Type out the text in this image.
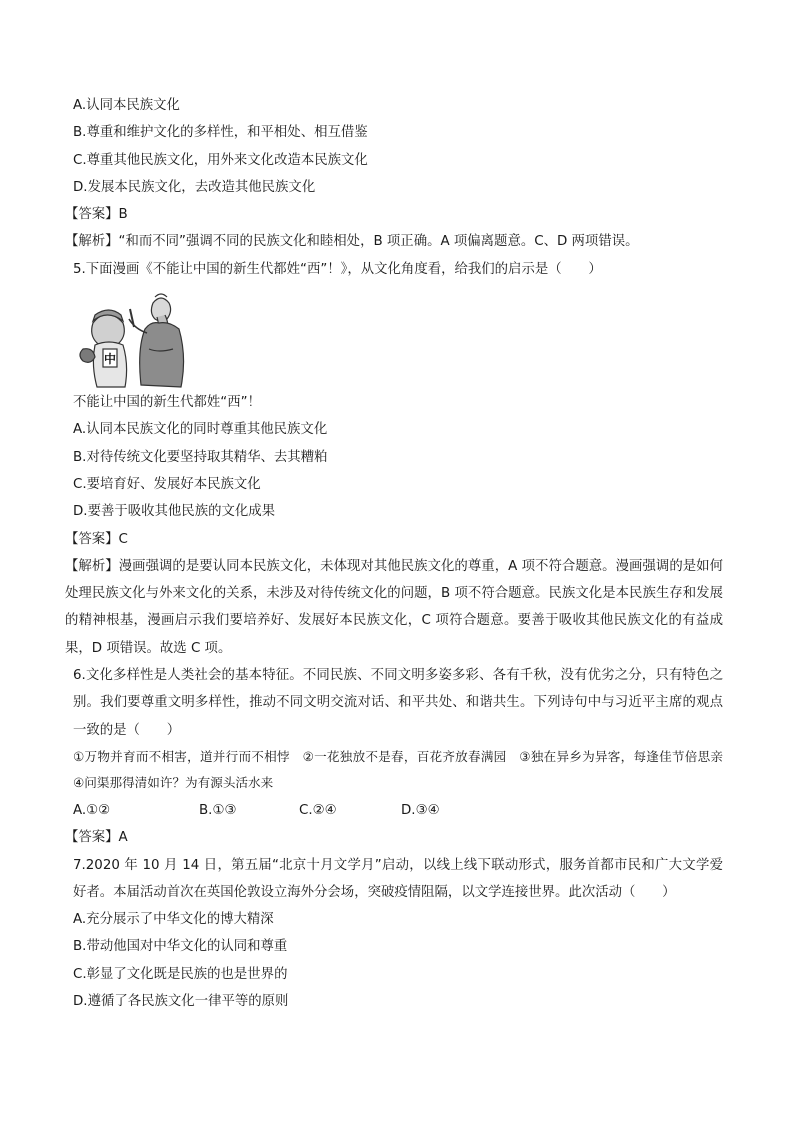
A.认同本民族文化
B.尊重和维护文化的多样性，和平相处、相互借鉴
C.尊重其他民族文化，用外来文化改造本民族文化
D.发展本民族文化，去改造其他民族文化
【答案】B
【解析】“和而不同”强调不同的民族文化和睦相处，B 项正确。A 项偏离题意。C、D 两项错误。
5.下面漫画《不能让中国的新生代都姓“西”！》，从文化角度看，给我们的启示是（　　）
中
不能让中国的新生代都姓“西”！
A.认同本民族文化的同时尊重其他民族文化
B.对待传统文化要坚持取其精华、去其糟粕
C.要培育好、发展好本民族文化
D.要善于吸收其他民族的文化成果
【答案】C
【解析】漫画强调的是要认同本民族文化，未体现对其他民族文化的尊重，A 项不符合题意。漫画强调的是如何处理民族文化与外来文化的关系，未涉及对待传统文化的问题，B 项不符合题意。民族文化是本民族生存和发展的精神根基，漫画启示我们要培养好、发展好本民族文化，C 项符合题意。要善于吸收其他民族文化的有益成果，D 项错误。故选 C 项。
6.文化多样性是人类社会的基本特征。不同民族、不同文明多姿多彩、各有千秋，没有优劣之分，只有特色之别。我们要尊重文明多样性，推动不同文明交流对话、和平共处、和谐共生。下列诗句中与习近平主席的观点一致的是（　　）
①万物并育而不相害，道并行而不相悖　②一花独放不是春，百花齐放春满园　③独在异乡为异客，每逢佳节倍思亲　④问渠那得清如许？为有源头活水来
A.①②	B.①③	C.②④	D.③④
【答案】A
7.2020 年 10 月 14 日，第五届“北京十月文学月”启动，以线上线下联动形式，服务首都市民和广大文学爱好者。本届活动首次在英国伦敦设立海外分会场，突破疫情阻隔，以文学连接世界。此次活动（　　）
A.充分展示了中华文化的博大精深
B.带动他国对中华文化的认同和尊重
C.彰显了文化既是民族的也是世界的
D.遵循了各民族文化一律平等的原则
